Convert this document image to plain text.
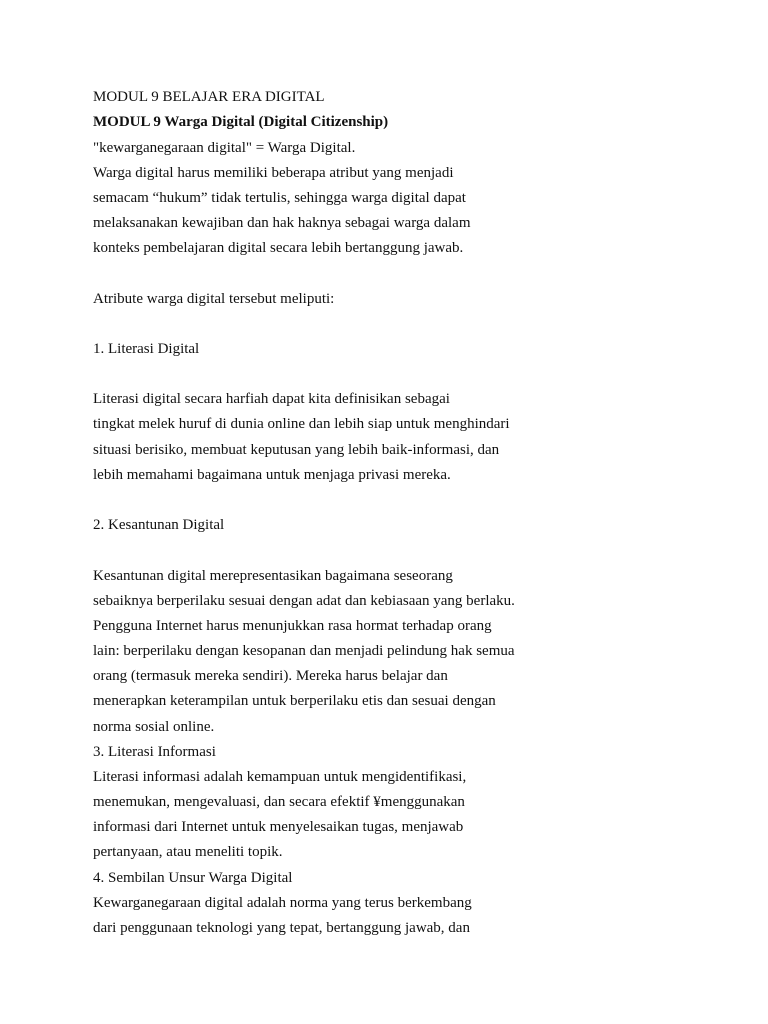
MODUL 9 BELAJAR ERA DIGITAL
MODUL 9 Warga Digital (Digital Citizenship)
"kewarganegaraan digital" = Warga Digital.
Warga digital harus memiliki beberapa atribut yang menjadi
semacam “hukum” tidak tertulis, sehingga warga digital dapat
melaksanakan kewajiban dan hak haknya sebagai warga dalam
konteks pembelajaran digital secara lebih bertanggung jawab.
Atribute warga digital tersebut meliputi:
1. Literasi Digital
Literasi digital secara harfiah dapat kita definisikan sebagai
tingkat melek huruf di dunia online dan lebih siap untuk menghindari
situasi berisiko, membuat keputusan yang lebih baik-informasi, dan
lebih memahami bagaimana untuk menjaga privasi mereka.
2. Kesantunan Digital
Kesantunan digital merepresentasikan bagaimana seseorang
sebaiknya berperilaku sesuai dengan adat dan kebiasaan yang berlaku.
Pengguna Internet harus menunjukkan rasa hormat terhadap orang
lain: berperilaku dengan kesopanan dan menjadi pelindung hak semua
orang (termasuk mereka sendiri). Mereka harus belajar dan
menerapkan keterampilan untuk berperilaku etis dan sesuai dengan
norma sosial online.
3. Literasi Informasi
Literasi informasi adalah kemampuan untuk mengidentifikasi,
menemukan, mengevaluasi, dan secara efektif ¥menggunakan
informasi dari Internet untuk menyelesaikan tugas, menjawab
pertanyaan, atau meneliti topik.
4. Sembilan Unsur Warga Digital
Kewarganegaraan digital adalah norma yang terus berkembang
dari penggunaan teknologi yang tepat, bertanggung jawab, dan
